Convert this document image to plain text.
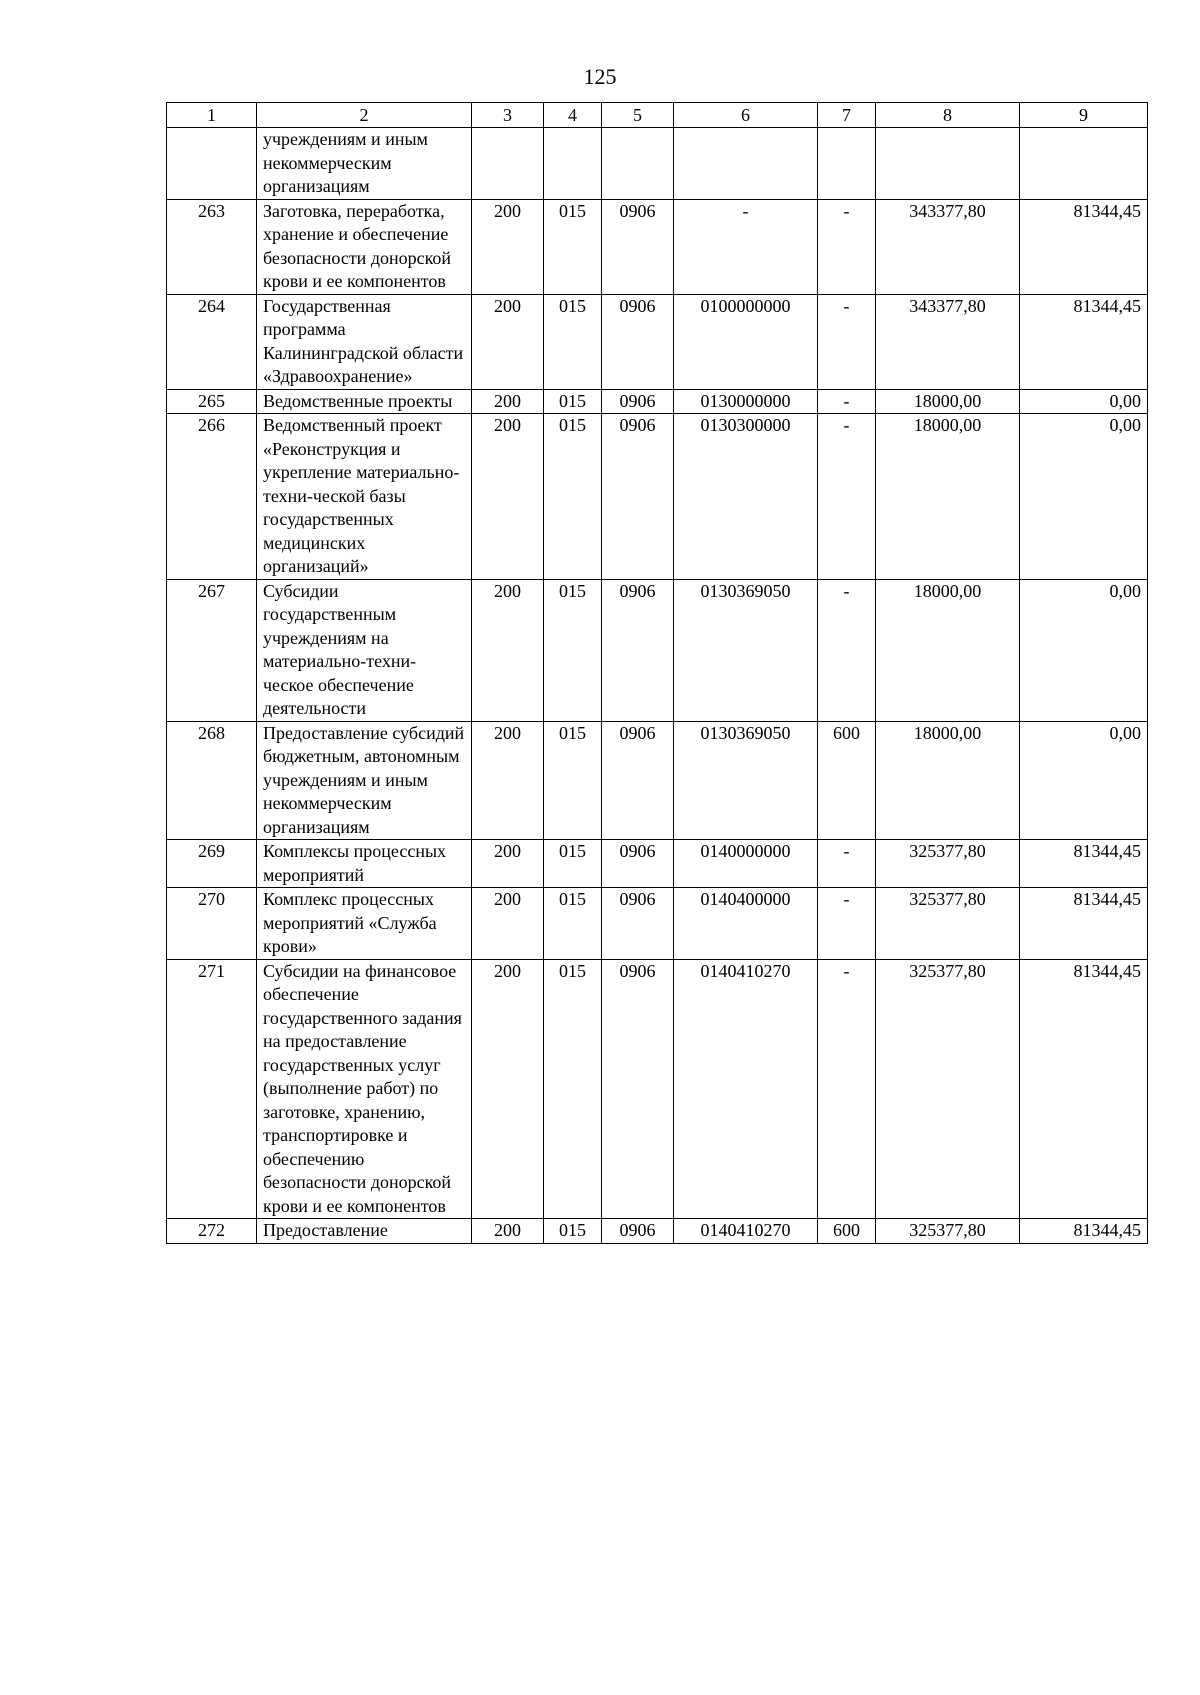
125
1	2	3	4	5	6	7	8	9
	учреждениям и иным некоммерческим организациям							
263	Заготовка, переработка, хранение и обеспечение безопасности донорской крови и ее компонентов	200	015	0906	-	-	343377,80	81344,45
264	Государственная программа Калининградской области «Здравоохранение»	200	015	0906	0100000000	-	343377,80	81344,45
265	Ведомственные проекты	200	015	0906	0130000000	-	18000,00	0,00
266	Ведомственный проект «Реконструкция и укрепление материально-техни-ческой базы государственных медицинских организаций»	200	015	0906	0130300000	-	18000,00	0,00
267	Субсидии государственным учреждениям на материально-техни-ческое обеспечение деятельности	200	015	0906	0130369050	-	18000,00	0,00
268	Предоставление субсидий бюджетным, автономным учреждениям и иным некоммерческим организациям	200	015	0906	0130369050	600	18000,00	0,00
269	Комплексы процессных мероприятий	200	015	0906	0140000000	-	325377,80	81344,45
270	Комплекс процессных мероприятий «Служба крови»	200	015	0906	0140400000	-	325377,80	81344,45
271	Субсидии на финансовое обеспечение государственного задания на предоставление государственных услуг (выполнение работ) по заготовке, хранению, транспортировке и обеспечению безопасности донорской крови и ее компонентов	200	015	0906	0140410270	-	325377,80	81344,45
272	Предоставление	200	015	0906	0140410270	600	325377,80	81344,45
